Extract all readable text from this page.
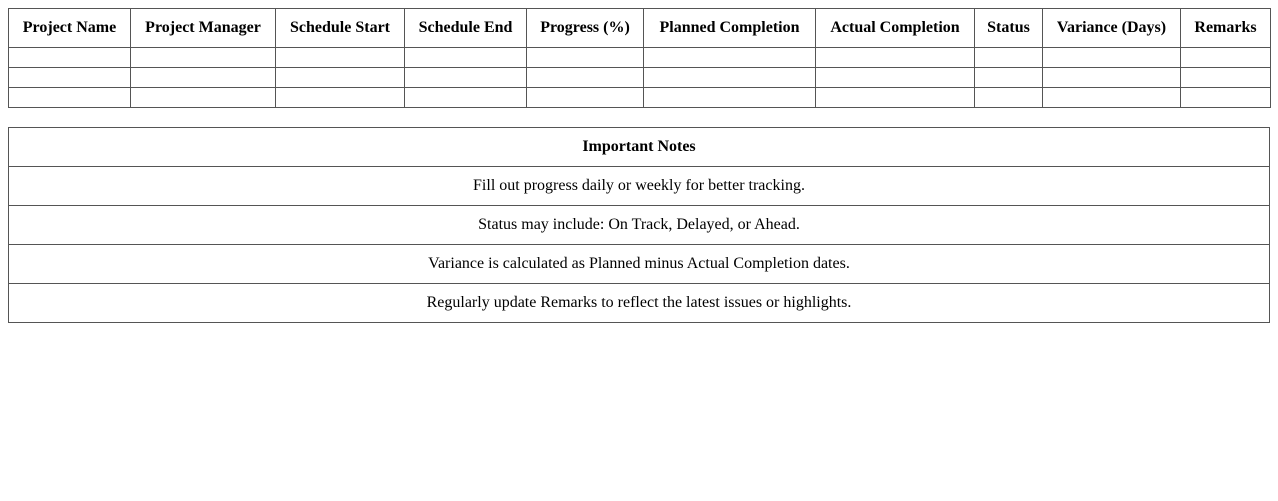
Project Name	Project Manager	Schedule Start	Schedule End	Progress (%)	Planned Completion	Actual Completion	Status	Variance (Days)	Remarks

Important Notes
Fill out progress daily or weekly for better tracking.
Status may include: On Track, Delayed, or Ahead.
Variance is calculated as Planned minus Actual Completion dates.
Regularly update Remarks to reflect the latest issues or highlights.
